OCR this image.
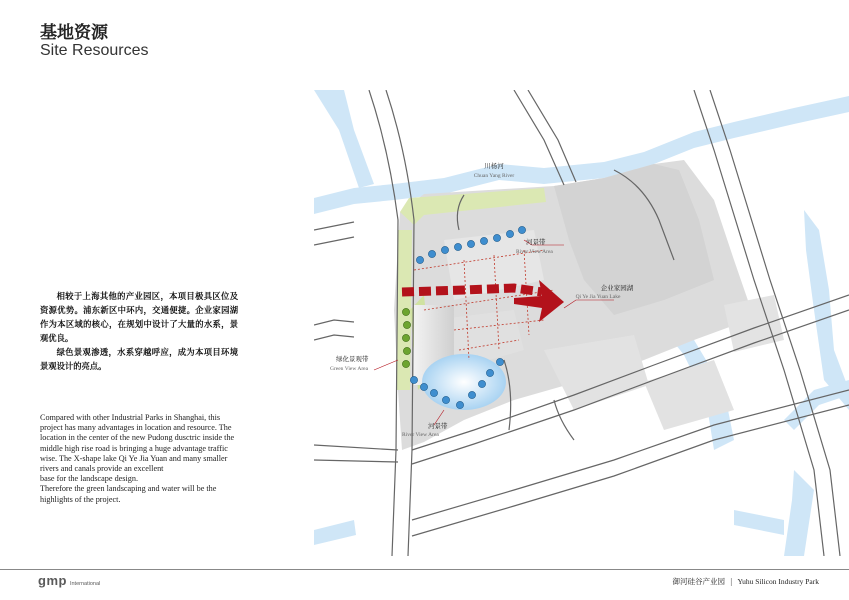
基地资源
Site Resources

相较于上海其他的产业园区，本项目极具区位及资源优势。浦东新区中环内，交通便捷。企业家园湖作为本区域的核心，在规划中设计了大量的水系，景观优良。

绿色景观渗透，水系穿越呼应，成为本项目环境景观设计的亮点。

Compared with other Industrial Parks in Shanghai, this project has many advantages in location and resource. The location in the center of the new Pudong dusctric inside the middle high rise road is bringing a huge advantage traffic wise. The X-shape lake Qi Ye Jia Yuan and many smaller rivers and canals provide an excellent

base for the landscape design.

Therefore the green landscaping and water will be the

highlights of the project.

川杨河
Chuan Yang River
河景带
River View Area
企业家园湖
Qi Ye Jia Yuan Lake
绿化景观带
Green View Area
河景带
River View Area
gmp International	御河硅谷产业园 | Yuhu Silicon Industry Park
